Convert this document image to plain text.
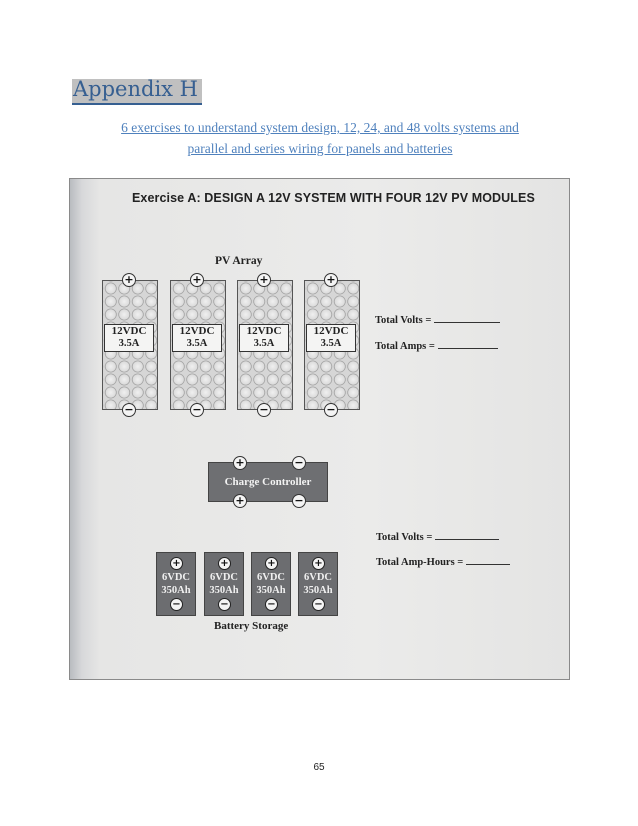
Appendix H
6 exercises to understand system design, 12, 24, and 48 volts systems and
parallel and series wiring for panels and batteries
Exercise A: DESIGN A 12V SYSTEM WITH FOUR 12V PV MODULES
PV Array
+
12VDC
3.5A
−
+
12VDC
3.5A
−
+
12VDC
3.5A
−
+
12VDC
3.5A
−
Total Volts =
Total Amps =
+	−
Charge Controller
+	−
Total Volts =
Total Amp-Hours =
+
6VDC
350Ah
−
+
6VDC
350Ah
−
+
6VDC
350Ah
−
+
6VDC
350Ah
−
Battery Storage
65
